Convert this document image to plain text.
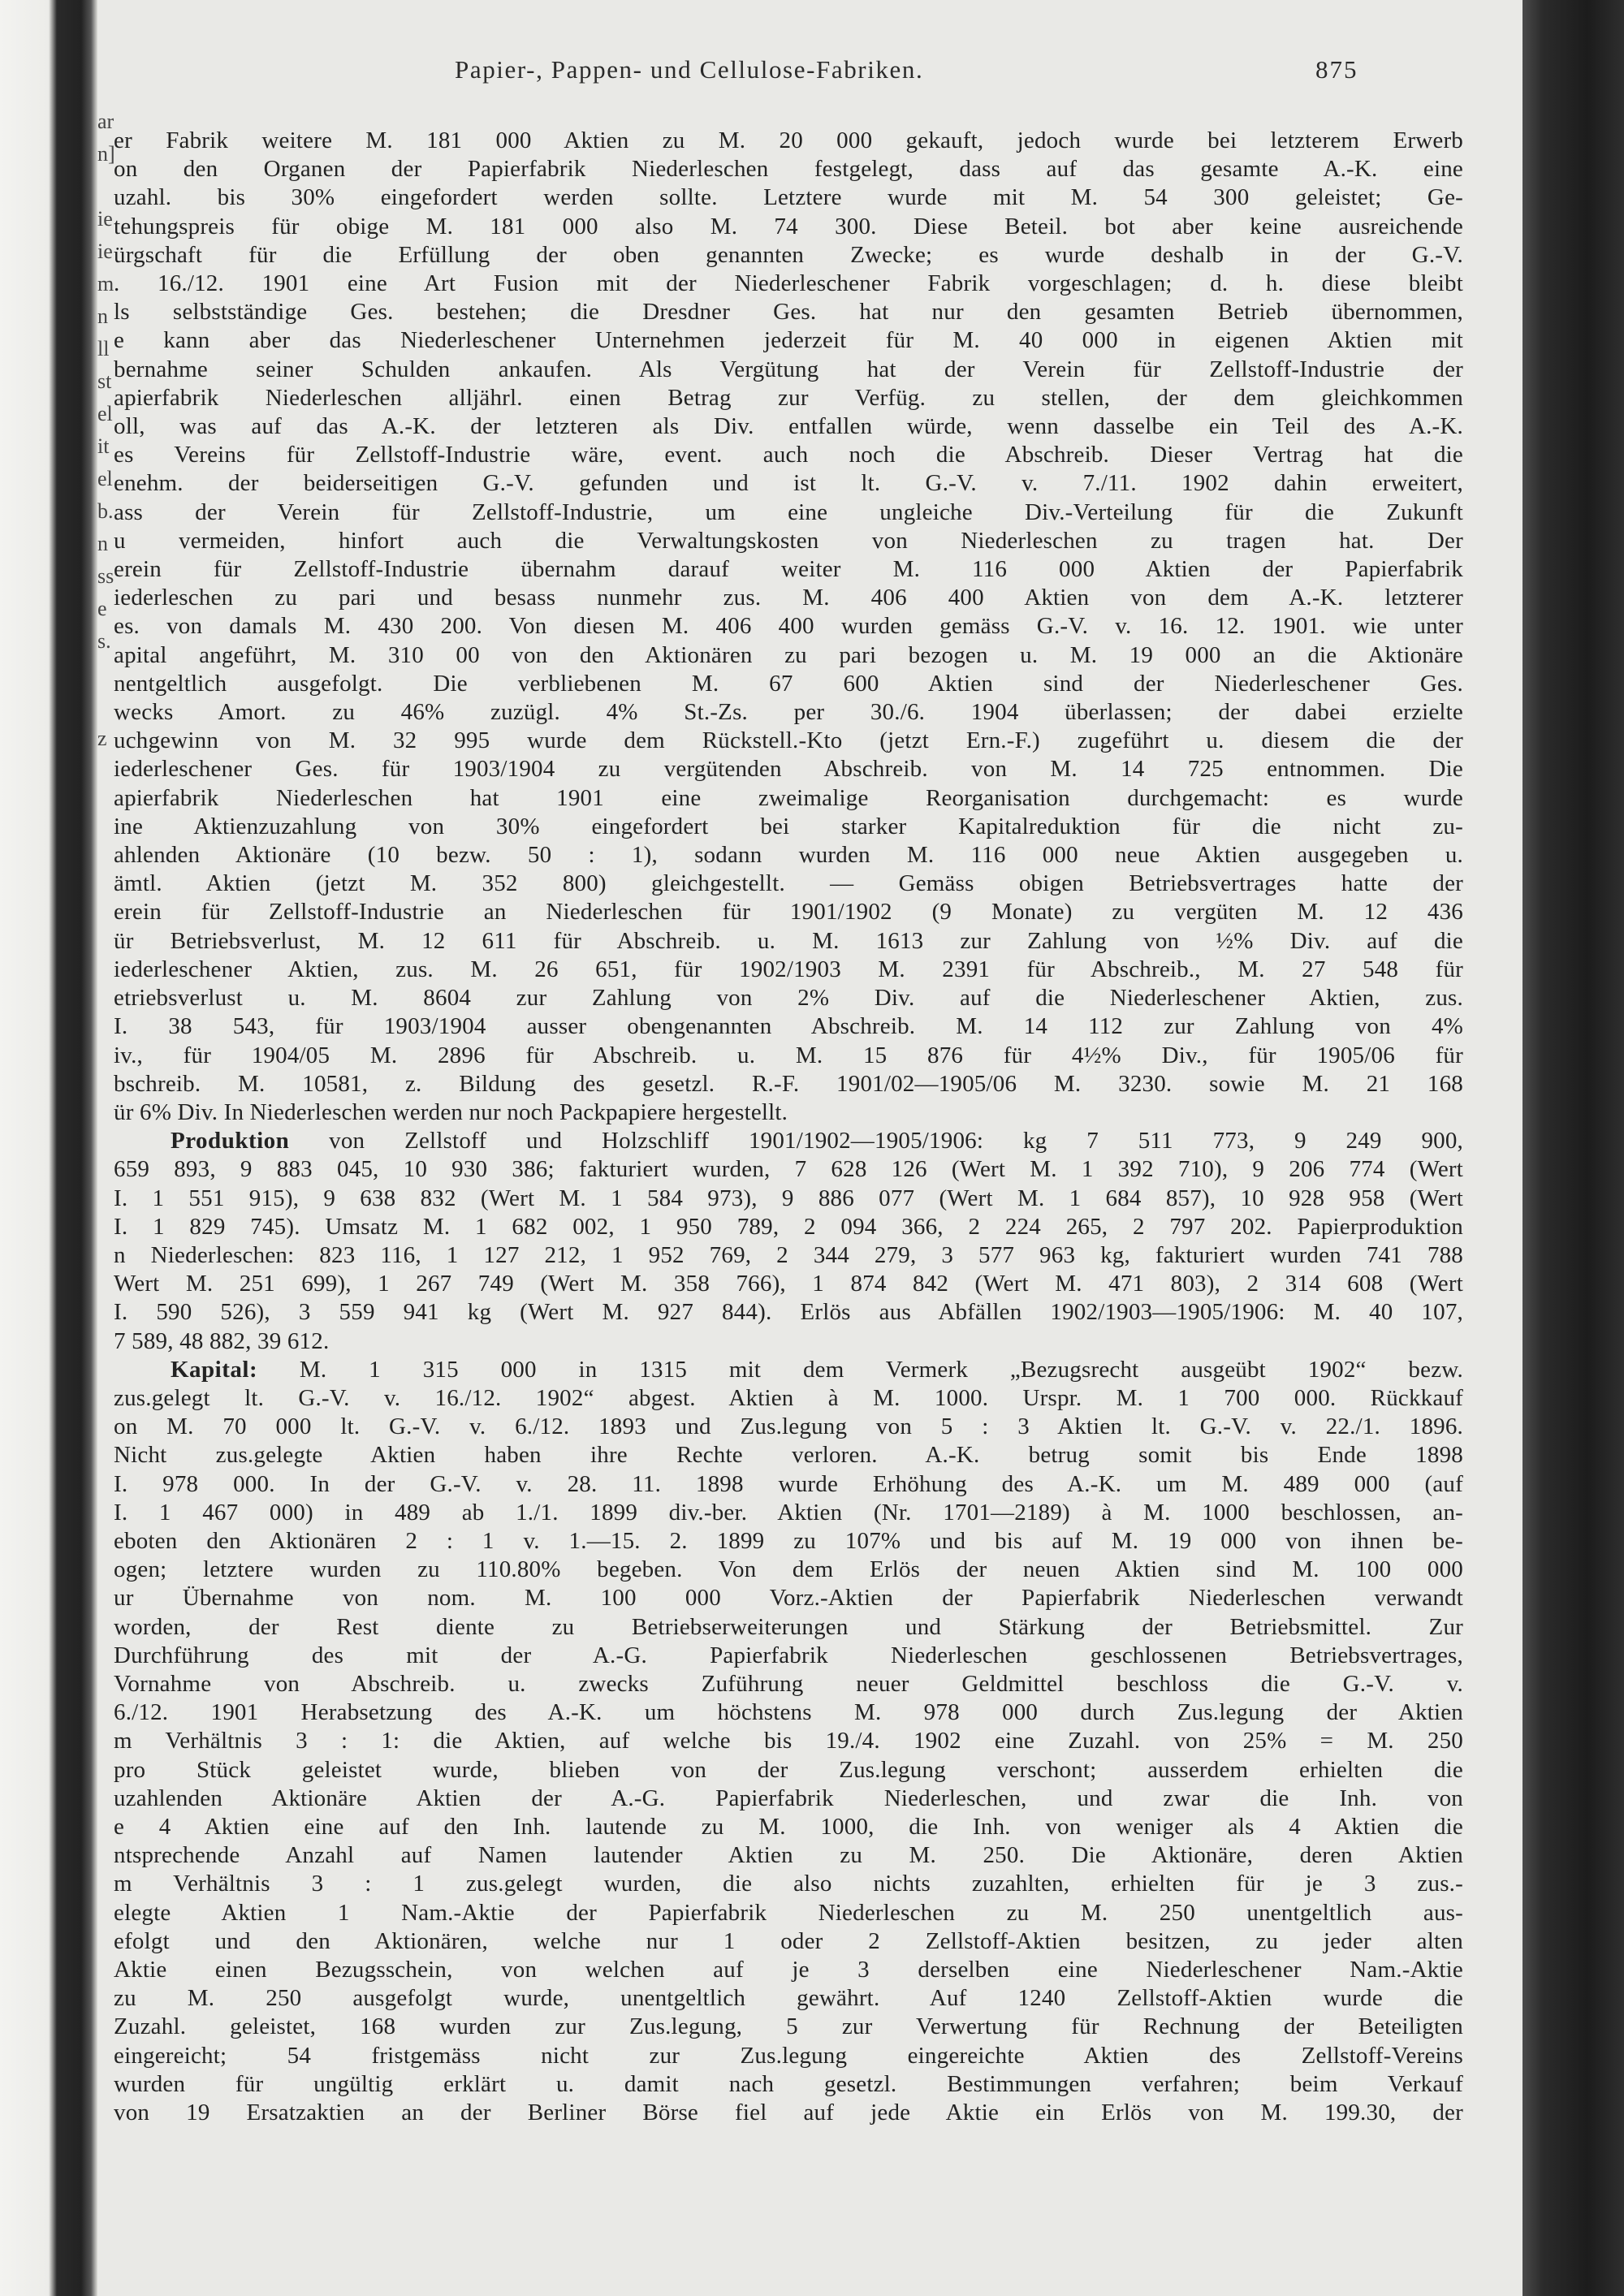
ar
n]

ie
ie
m
n
ll
st
el
it
el
b.
n
ss
e
s.

z

Papier-, Pappen- und Cellulose-Fabriken.	875
er Fabrik weitere M. 181 000 Aktien zu M. 20 000 gekauft, jedoch wurde bei letzterem Erwerb
on den Organen der Papierfabrik Niederleschen festgelegt, dass auf das gesamte A.-K. eine
uzahl. bis 30% eingefordert werden sollte. Letztere wurde mit M. 54 300 geleistet; Ge-
tehungspreis für obige M. 181 000 also M. 74 300. Diese Beteil. bot aber keine ausreichende
ürgschaft für die Erfüllung der oben genannten Zwecke; es wurde deshalb in der G.-V.
. 16./12. 1901 eine Art Fusion mit der Niederleschener Fabrik vorgeschlagen; d. h. diese bleibt
ls selbstständige Ges. bestehen; die Dresdner Ges. hat nur den gesamten Betrieb übernommen,
e kann aber das Niederleschener Unternehmen jederzeit für M. 40 000 in eigenen Aktien mit
bernahme seiner Schulden ankaufen. Als Vergütung hat der Verein für Zellstoff-Industrie der
apierfabrik Niederleschen alljährl. einen Betrag zur Verfüg. zu stellen, der dem gleichkommen
oll, was auf das A.-K. der letzteren als Div. entfallen würde, wenn dasselbe ein Teil des A.-K.
es Vereins für Zellstoff-Industrie wäre, event. auch noch die Abschreib. Dieser Vertrag hat die
enehm. der beiderseitigen G.-V. gefunden und ist lt. G.-V. v. 7./11. 1902 dahin erweitert,
ass der Verein für Zellstoff-Industrie, um eine ungleiche Div.-Verteilung für die Zukunft
u vermeiden, hinfort auch die Verwaltungskosten von Niederleschen zu tragen hat. Der
erein für Zellstoff-Industrie übernahm darauf weiter M. 116 000 Aktien der Papierfabrik
iederleschen zu pari und besass nunmehr zus. M. 406 400 Aktien von dem A.-K. letzterer
es. von damals M. 430 200. Von diesen M. 406 400 wurden gemäss G.-V. v. 16. 12. 1901. wie unter
apital angeführt, M. 310 00 von den Aktionären zu pari bezogen u. M. 19 000 an die Aktionäre
nentgeltlich ausgefolgt. Die verbliebenen M. 67 600 Aktien sind der Niederleschener Ges.
wecks Amort. zu 46% zuzügl. 4% St.-Zs. per 30./6. 1904 überlassen; der dabei erzielte
uchgewinn von M. 32 995 wurde dem Rückstell.-Kto (jetzt Ern.-F.) zugeführt u. diesem die der
iederleschener Ges. für 1903/1904 zu vergütenden Abschreib. von M. 14 725 entnommen. Die
apierfabrik Niederleschen hat 1901 eine zweimalige Reorganisation durchgemacht: es wurde
ine Aktienzuzahlung von 30% eingefordert bei starker Kapitalreduktion für die nicht zu-
ahlenden Aktionäre (10 bezw. 50 : 1), sodann wurden M. 116 000 neue Aktien ausgegeben u.
ämtl. Aktien (jetzt M. 352 800) gleichgestellt. — Gemäss obigen Betriebsvertrages hatte der
erein für Zellstoff-Industrie an Niederleschen für 1901/1902 (9 Monate) zu vergüten M. 12 436
ür Betriebsverlust, M. 12 611 für Abschreib. u. M. 1613 zur Zahlung von ½% Div. auf die
iederleschener Aktien, zus. M. 26 651, für 1902/1903 M. 2391 für Abschreib., M. 27 548 für
etriebsverlust u. M. 8604 zur Zahlung von 2% Div. auf die Niederleschener Aktien, zus.
I. 38 543, für 1903/1904 ausser obengenannten Abschreib. M. 14 112 zur Zahlung von 4%
iv., für 1904/05 M. 2896 für Abschreib. u. M. 15 876 für 4½% Div., für 1905/06 für
bschreib. M. 10581, z. Bildung des gesetzl. R.-F. 1901/02—1905/06 M. 3230. sowie M. 21 168
ür 6% Div. In Niederleschen werden nur noch Packpapiere hergestellt.
Produktion von Zellstoff und Holzschliff 1901/1902—1905/1906: kg 7 511 773, 9 249 900,
659 893, 9 883 045, 10 930 386; fakturiert wurden, 7 628 126 (Wert M. 1 392 710), 9 206 774 (Wert
I. 1 551 915), 9 638 832 (Wert M. 1 584 973), 9 886 077 (Wert M. 1 684 857), 10 928 958 (Wert
I. 1 829 745). Umsatz M. 1 682 002, 1 950 789, 2 094 366, 2 224 265, 2 797 202. Papierproduktion
n Niederleschen: 823 116, 1 127 212, 1 952 769, 2 344 279, 3 577 963 kg, fakturiert wurden 741 788
Wert M. 251 699), 1 267 749 (Wert M. 358 766), 1 874 842 (Wert M. 471 803), 2 314 608 (Wert
I. 590 526), 3 559 941 kg (Wert M. 927 844). Erlös aus Abfällen 1902/1903—1905/1906: M. 40 107,
7 589, 48 882, 39 612.
Kapital: M. 1 315 000 in 1315 mit dem Vermerk „Bezugsrecht ausgeübt 1902“ bezw.
zus.gelegt lt. G.-V. v. 16./12. 1902“ abgest. Aktien à M. 1000. Urspr. M. 1 700 000. Rückkauf
on M. 70 000 lt. G.-V. v. 6./12. 1893 und Zus.legung von 5 : 3 Aktien lt. G.-V. v. 22./1. 1896.
Nicht zus.gelegte Aktien haben ihre Rechte verloren. A.-K. betrug somit bis Ende 1898
I. 978 000. In der G.-V. v. 28. 11. 1898 wurde Erhöhung des A.-K. um M. 489 000 (auf
I. 1 467 000) in 489 ab 1./1. 1899 div.-ber. Aktien (Nr. 1701—2189) à M. 1000 beschlossen, an-
eboten den Aktionären 2 : 1 v. 1.—15. 2. 1899 zu 107% und bis auf M. 19 000 von ihnen be-
ogen; letztere wurden zu 110.80% begeben. Von dem Erlös der neuen Aktien sind M. 100 000
ur Übernahme von nom. M. 100 000 Vorz.-Aktien der Papierfabrik Niederleschen verwandt
worden, der Rest diente zu Betriebserweiterungen und Stärkung der Betriebsmittel. Zur
Durchführung des mit der A.-G. Papierfabrik Niederleschen geschlossenen Betriebsvertrages,
Vornahme von Abschreib. u. zwecks Zuführung neuer Geldmittel beschloss die G.-V. v.
6./12. 1901 Herabsetzung des A.-K. um höchstens M. 978 000 durch Zus.legung der Aktien
m Verhältnis 3 : 1: die Aktien, auf welche bis 19./4. 1902 eine Zuzahl. von 25% = M. 250
pro Stück geleistet wurde, blieben von der Zus.legung verschont; ausserdem erhielten die
uzahlenden Aktionäre Aktien der A.-G. Papierfabrik Niederleschen, und zwar die Inh. von
e 4 Aktien eine auf den Inh. lautende zu M. 1000, die Inh. von weniger als 4 Aktien die
ntsprechende Anzahl auf Namen lautender Aktien zu M. 250. Die Aktionäre, deren Aktien
m Verhältnis 3 : 1 zus.gelegt wurden, die also nichts zuzahlten, erhielten für je 3 zus.-
elegte Aktien 1 Nam.-Aktie der Papierfabrik Niederleschen zu M. 250 unentgeltlich aus-
efolgt und den Aktionären, welche nur 1 oder 2 Zellstoff-Aktien besitzen, zu jeder alten
Aktie einen Bezugsschein, von welchen auf je 3 derselben eine Niederleschener Nam.-Aktie
zu M. 250 ausgefolgt wurde, unentgeltlich gewährt. Auf 1240 Zellstoff-Aktien wurde die
Zuzahl. geleistet, 168 wurden zur Zus.legung, 5 zur Verwertung für Rechnung der Beteiligten
eingereicht; 54 fristgemäss nicht zur Zus.legung eingereichte Aktien des Zellstoff-Vereins
wurden für ungültig erklärt u. damit nach gesetzl. Bestimmungen verfahren; beim Verkauf
von 19 Ersatzaktien an der Berliner Börse fiel auf jede Aktie ein Erlös von M. 199.30, der
